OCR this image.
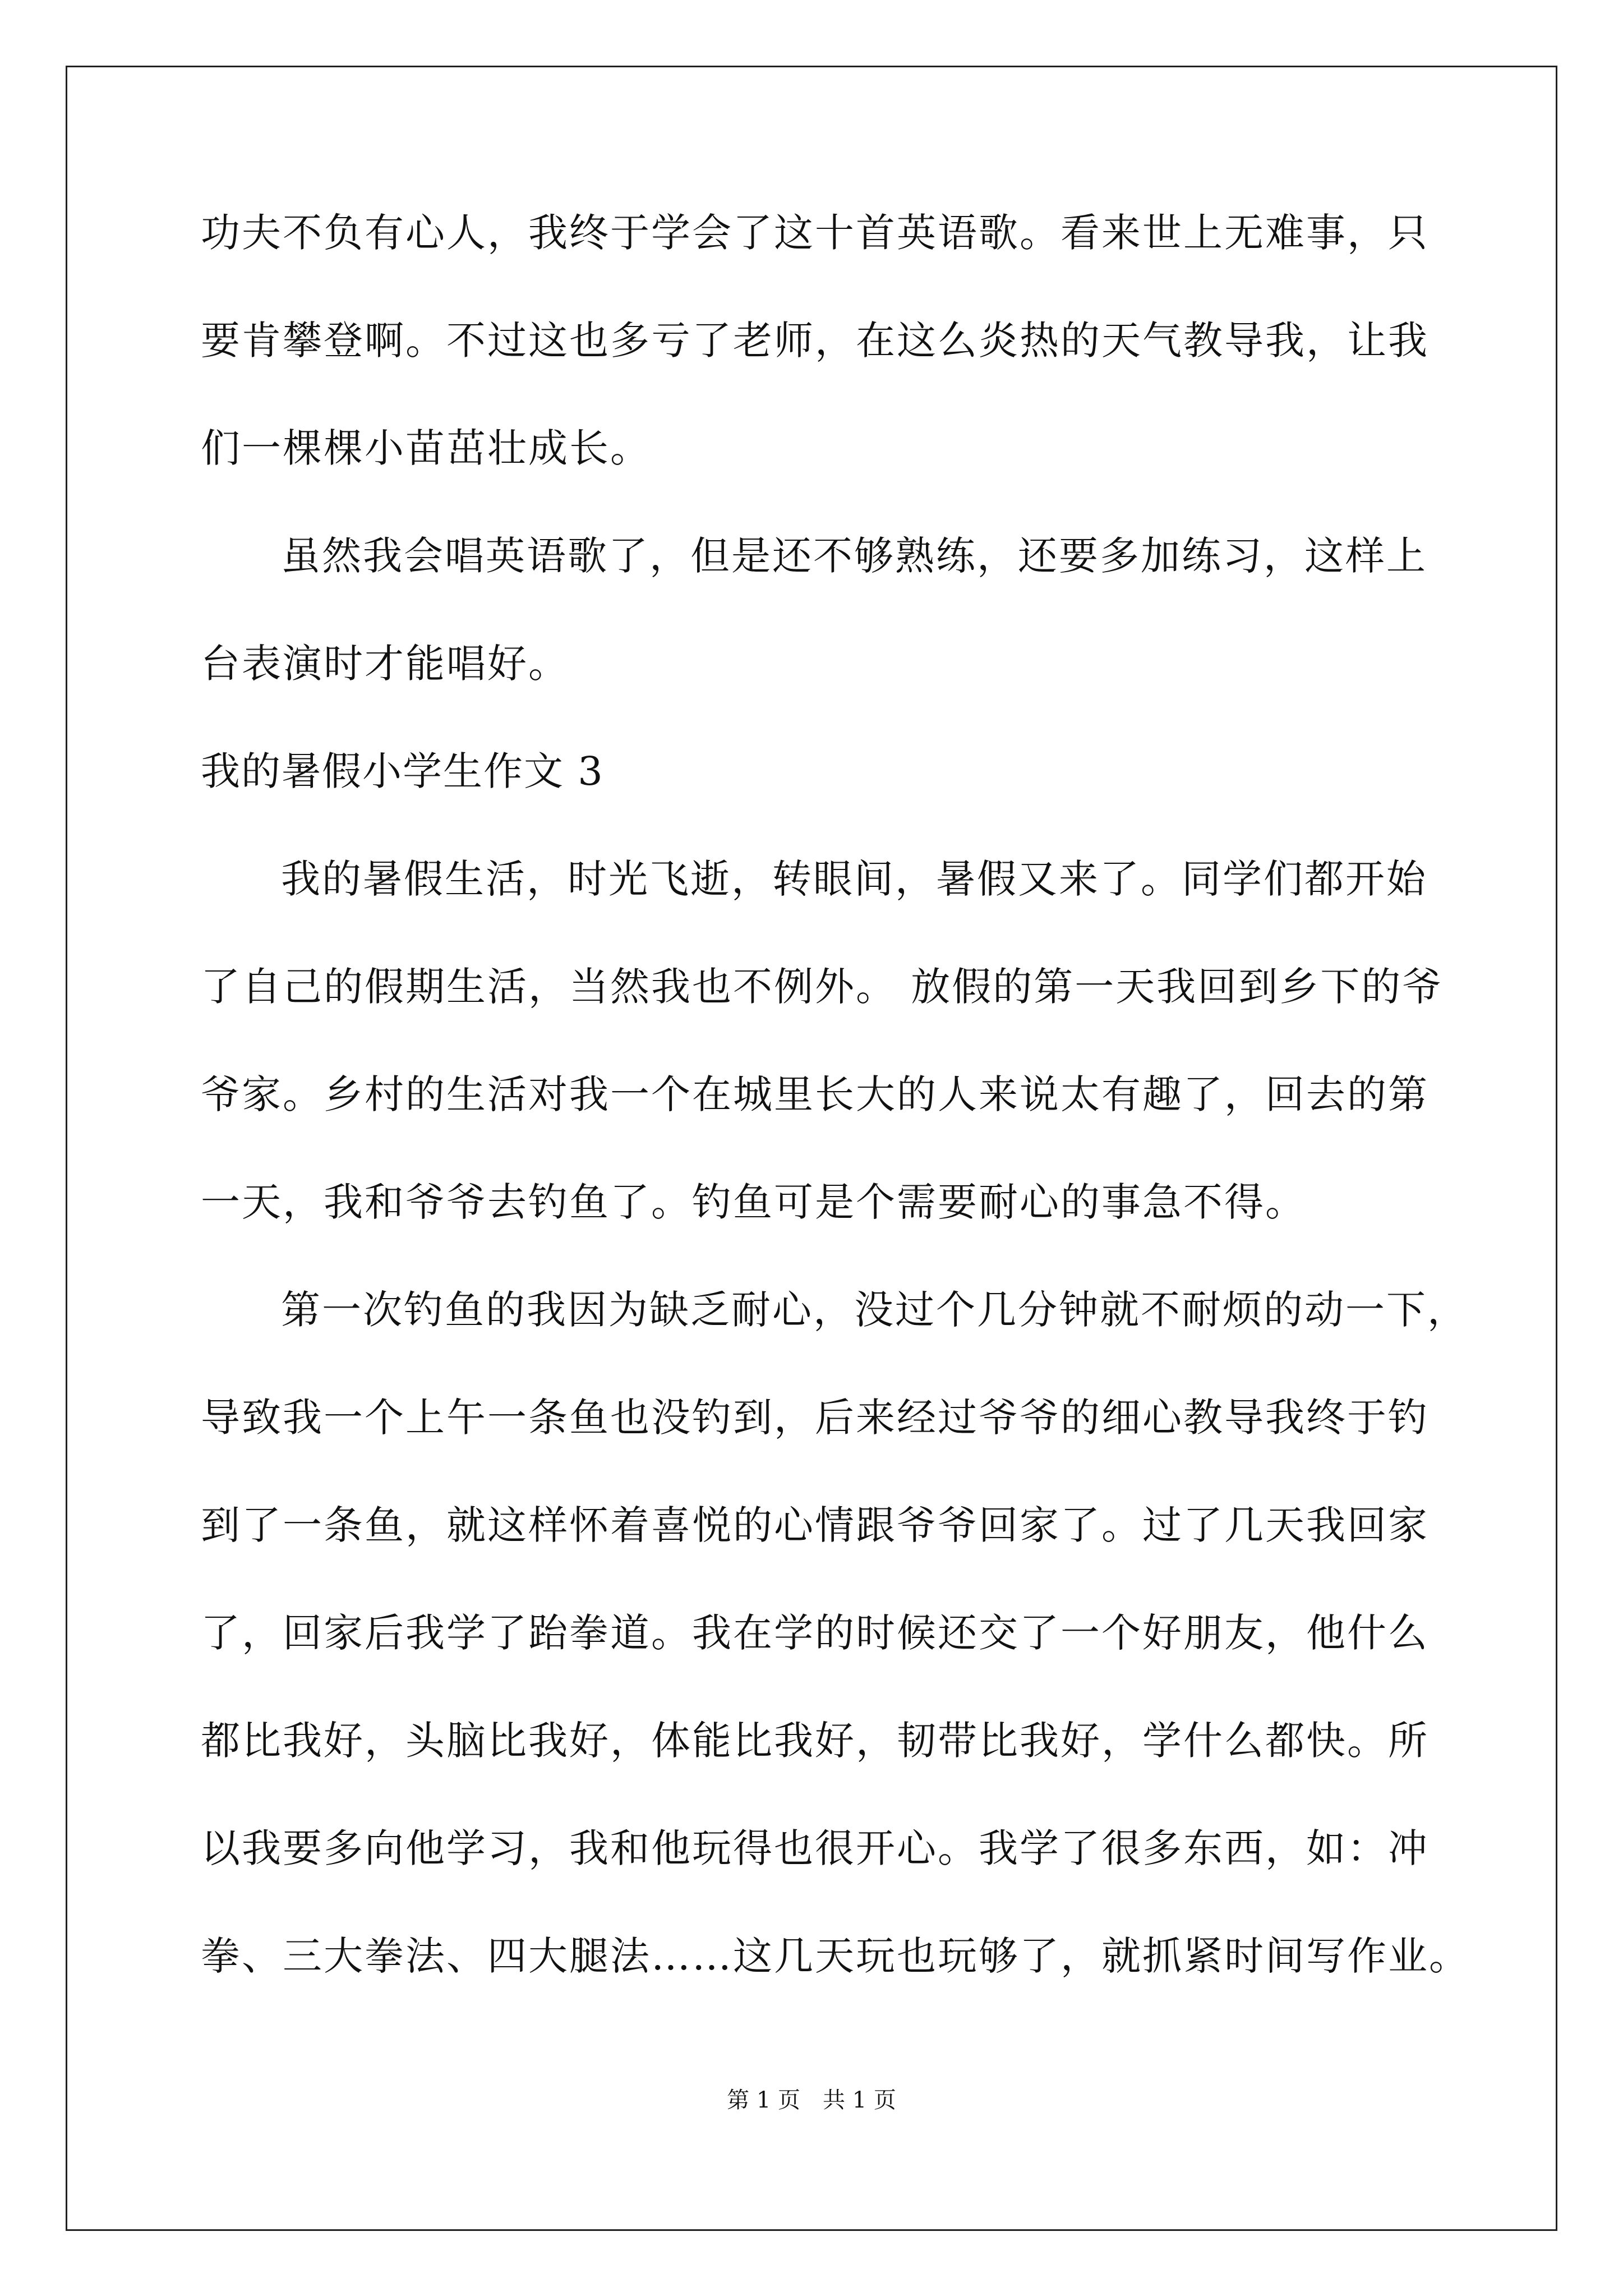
功夫不负有心人，我终于学会了这十首英语歌。看来世上无难事，只
要肯攀登啊。不过这也多亏了老师，在这么炎热的天气教导我，让我
们一棵棵小苗茁壮成长。
虽然我会唱英语歌了，但是还不够熟练，还要多加练习，这样上
台表演时才能唱好。
我的暑假小学生作文 3
我的暑假生活，时光飞逝，转眼间，暑假又来了。同学们都开始
了自己的假期生活，当然我也不例外。 放假的第一天我回到乡下的爷
爷家。乡村的生活对我一个在城里长大的人来说太有趣了，回去的第
一天，我和爷爷去钓鱼了。钓鱼可是个需要耐心的事急不得。
第一次钓鱼的我因为缺乏耐心，没过个几分钟就不耐烦的动一下，
导致我一个上午一条鱼也没钓到，后来经过爷爷的细心教导我终于钓
到了一条鱼，就这样怀着喜悦的心情跟爷爷回家了。过了几天我回家
了，回家后我学了跆拳道。我在学的时候还交了一个好朋友，他什么
都比我好，头脑比我好，体能比我好，韧带比我好，学什么都快。所
以我要多向他学习，我和他玩得也很开心。我学了很多东西，如：冲
拳、三大拳法、四大腿法……这几天玩也玩够了，就抓紧时间写作业。
第 1 页　共 1 页
